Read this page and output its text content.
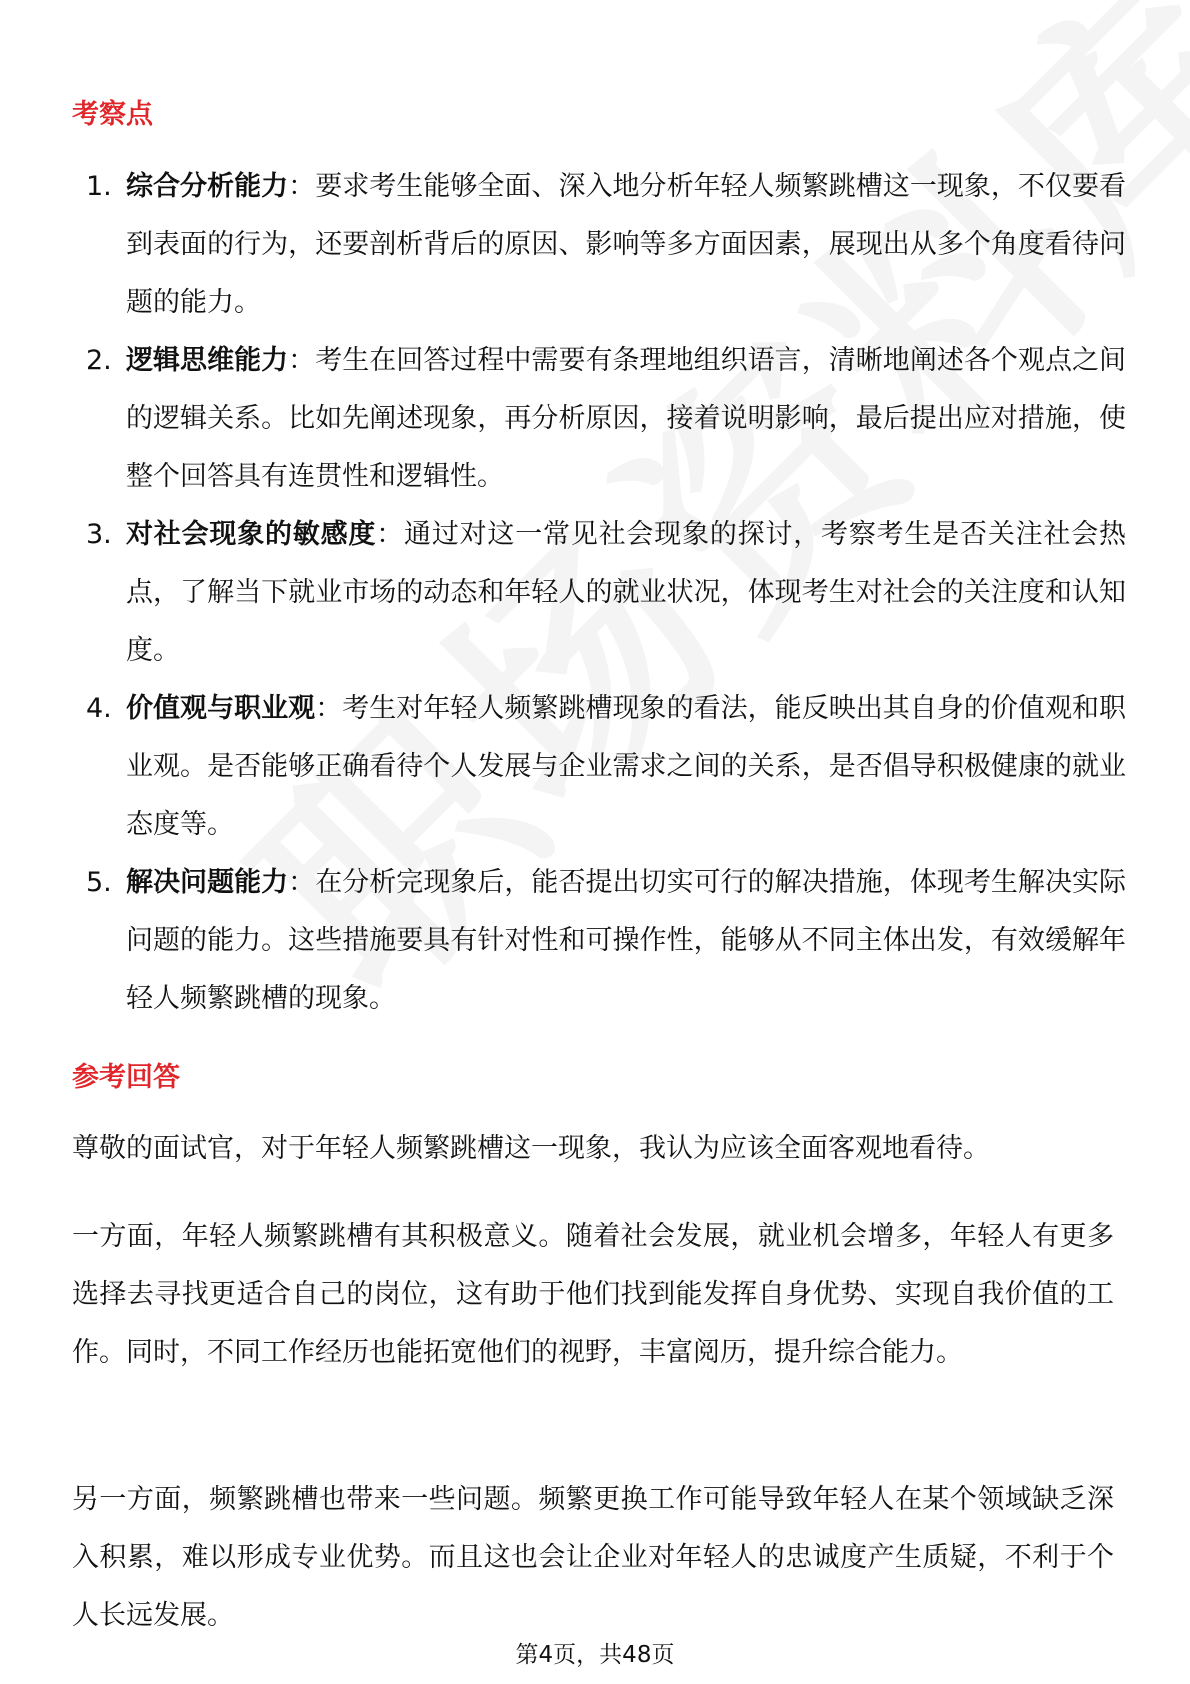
考察点
1. 综合分析能力：要求考生能够全面、深入地分析年轻人频繁跳槽这一现象，不仅要看到表面的行为，还要剖析背后的原因、影响等多方面因素，展现出从多个角度看待问题的能力。
2. 逻辑思维能力：考生在回答过程中需要有条理地组织语言，清晰地阐述各个观点之间的逻辑关系。比如先阐述现象，再分析原因，接着说明影响，最后提出应对措施，使整个回答具有连贯性和逻辑性。
3. 对社会现象的敏感度：通过对这一常见社会现象的探讨，考察考生是否关注社会热点，了解当下就业市场的动态和年轻人的就业状况，体现考生对社会的关注度和认知度。
4. 价值观与职业观：考生对年轻人频繁跳槽现象的看法，能反映出其自身的价值观和职业观。是否能够正确看待个人发展与企业需求之间的关系，是否倡导积极健康的就业态度等。
5. 解决问题能力：在分析完现象后，能否提出切实可行的解决措施，体现考生解决实际问题的能力。这些措施要具有针对性和可操作性，能够从不同主体出发，有效缓解年轻人频繁跳槽的现象。
参考回答

尊敬的面试官，对于年轻人频繁跳槽这一现象，我认为应该全面客观地看待。

一方面，年轻人频繁跳槽有其积极意义。随着社会发展，就业机会增多，年轻人有更多选择去寻找更适合自己的岗位，这有助于他们找到能发挥自身优势、实现自我价值的工作。同时，不同工作经历也能拓宽他们的视野，丰富阅历，提升综合能力。

另一方面，频繁跳槽也带来一些问题。频繁更换工作可能导致年轻人在某个领域缺乏深入积累，难以形成专业优势。而且这也会让企业对年轻人的忠诚度产生质疑，不利于个人长远发展。

第4页，共48页
